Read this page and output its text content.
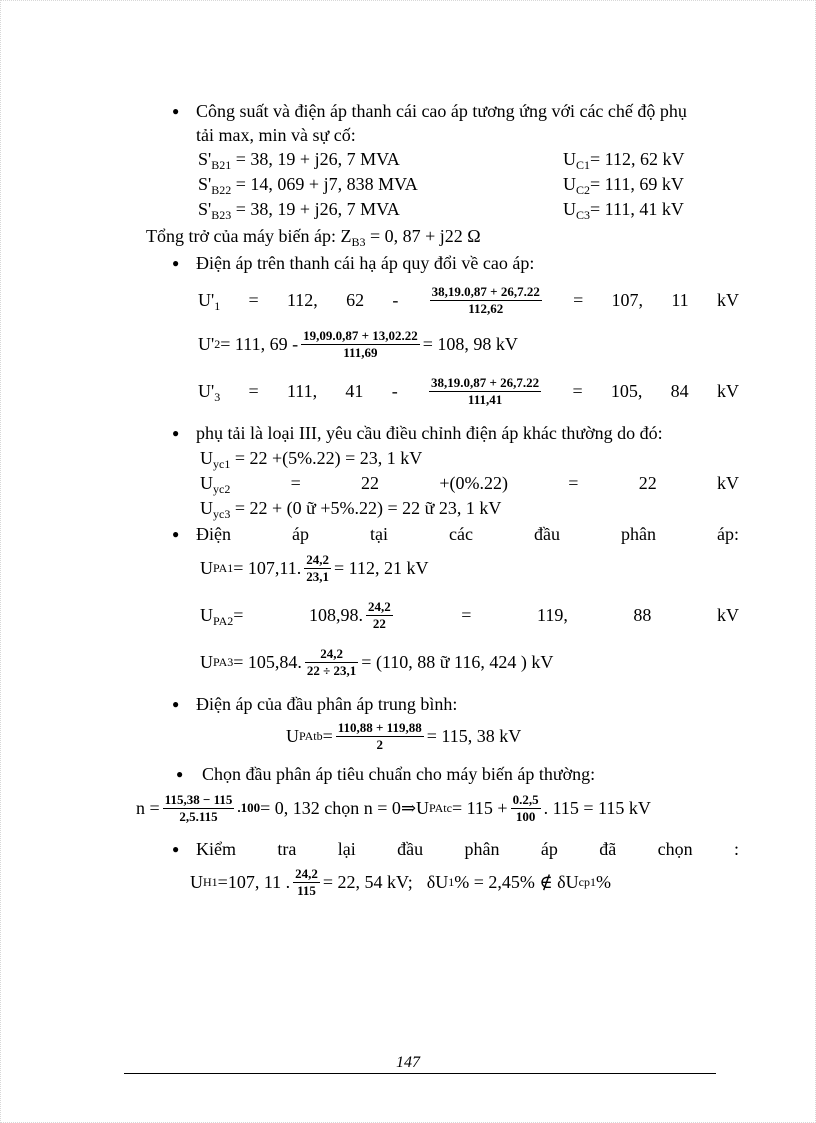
● Công suất và điện áp thanh cái cao áp tương ứng với các chế độ phụ
tải max, min và sự cố:
$S'_{B21} = 38$, 19 + j26, 7 MVA	$U_{C1}= 112$, 62 kV
$S'_{B22} = 14$, 069 + j7, 838 MVA	$U_{C2}= 111$, 69 kV
$S'_{B23} = 38$, 19 + j26, 7 MVA	$U_{C3}= 111$, 41 kV
Tổng trở của máy biến áp: $Z_{B3} = 0$, 87 + j22 Ω
● Điện áp trên thanh cái hạ áp quy đổi về cao áp:
$U'_1 = 112$, $62 - \frac{38,19.0,87 + 26,7.22}{112,62} = 107$, 11 kV
U' 2 = 111, $69 - \frac{19,09.0,87 + 13,02.22}{111,69} = 108$, 98 kV
$U'_3 = 111$, $41 - \frac{38,19.0,87 + 26,7.22}{111,41} = 105$, 84 kV
● phụ tải là loại III, yêu cầu điều chỉnh điện áp khác thường do đó:
$U_{yc1} = 22 +(5\%.22) = 23$, 1 kV
$U_{yc2}$	=	22	+(0%.22)	=	22	kV
$U_{yc3} = 22 + (0$ ữ +5%.22) = 22 ữ 23, 1 kV
● Điện	áp	tại	các	đầu	phân	áp:
U PA1 = 107,11. $\frac{24,2}{23,1} = 112$, 21 kV
$U_{PA2}=$	108,98. $\frac{24,2}{22}$	=	119,	88	kV
U PA3 = 105,84. $\frac{24,2}{22 \div 23,1} = (110$, 88 ữ 116, 424 ) kV
● Điện áp của đầu phân áp trung bình:
U PAtb = $\frac{110,88 + 119,88}{2} = 115$, 38 kV
● Chọn đầu phân áp tiêu chuẩn cho máy biến áp thường:
$n = \frac{115,38 - 115}{2,5.115} .100 = 0$, 132 chọn n = 0 ⇒ U PAtc = $115 + \frac{0.2,5}{100}$ . 115 = 115 kV
● Kiểm tra lại đầu phân áp đã chọn :
U H1 =107, 11 . $\frac{24,2}{115} = 22$, 54 kV; δU 1 % = 2,45% ∉ δU cp1 %
147
